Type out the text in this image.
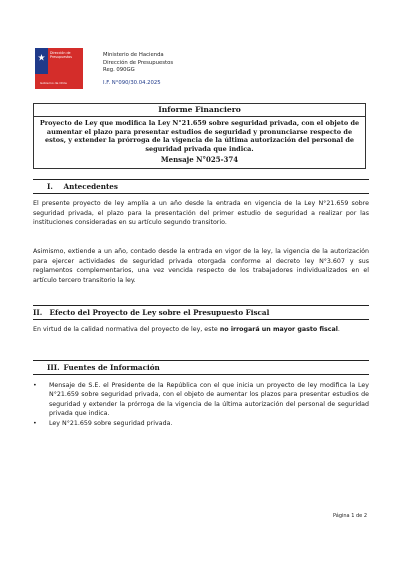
Dirección de
Presupuestos
Gobierno de Chile
Ministerio de Hacienda
Dirección de Presupuestos
Reg. 090GG
I.F. N°090/30.04.2025
Informe Financiero
Proyecto de Ley que modifica la Ley N°21.659 sobre seguridad privada, con el objeto de aumentar el plazo para presentar estudios de seguridad y pronunciarse respecto de estos, y extender la prórroga de la vigencia de la última autorización del personal de seguridad privada que indica.
Mensaje N°025-374
I. Antecedentes
El presente proyecto de ley amplía a un año desde la entrada en vigencia de la Ley N°21.659 sobre seguridad privada, el plazo para la presentación del primer estudio de seguridad a realizar por las instituciones consideradas en su artículo segundo transitorio.
Asimismo, extiende a un año, contado desde la entrada en vigor de la ley, la vigencia de la autorización para ejercer actividades de seguridad privada otorgada conforme al decreto ley N°3.607 y sus reglamentos complementarios, una vez vencida respecto de los trabajadores individualizados en el artículo tercero transitorio la ley.
II. Efecto del Proyecto de Ley sobre el Presupuesto Fiscal
En virtud de la calidad normativa del proyecto de ley, este no irrogará un mayor gasto fiscal.
III. Fuentes de Información
• Mensaje de S.E. el Presidente de la República con el que inicia un proyecto de ley modifica la Ley N°21.659 sobre seguridad privada, con el objeto de aumentar los plazos para presentar estudios de seguridad y extender la prórroga de la vigencia de la última autorización del personal de seguridad privada que indica.
• Ley N°21.659 sobre seguridad privada.
Página 1 de 2
